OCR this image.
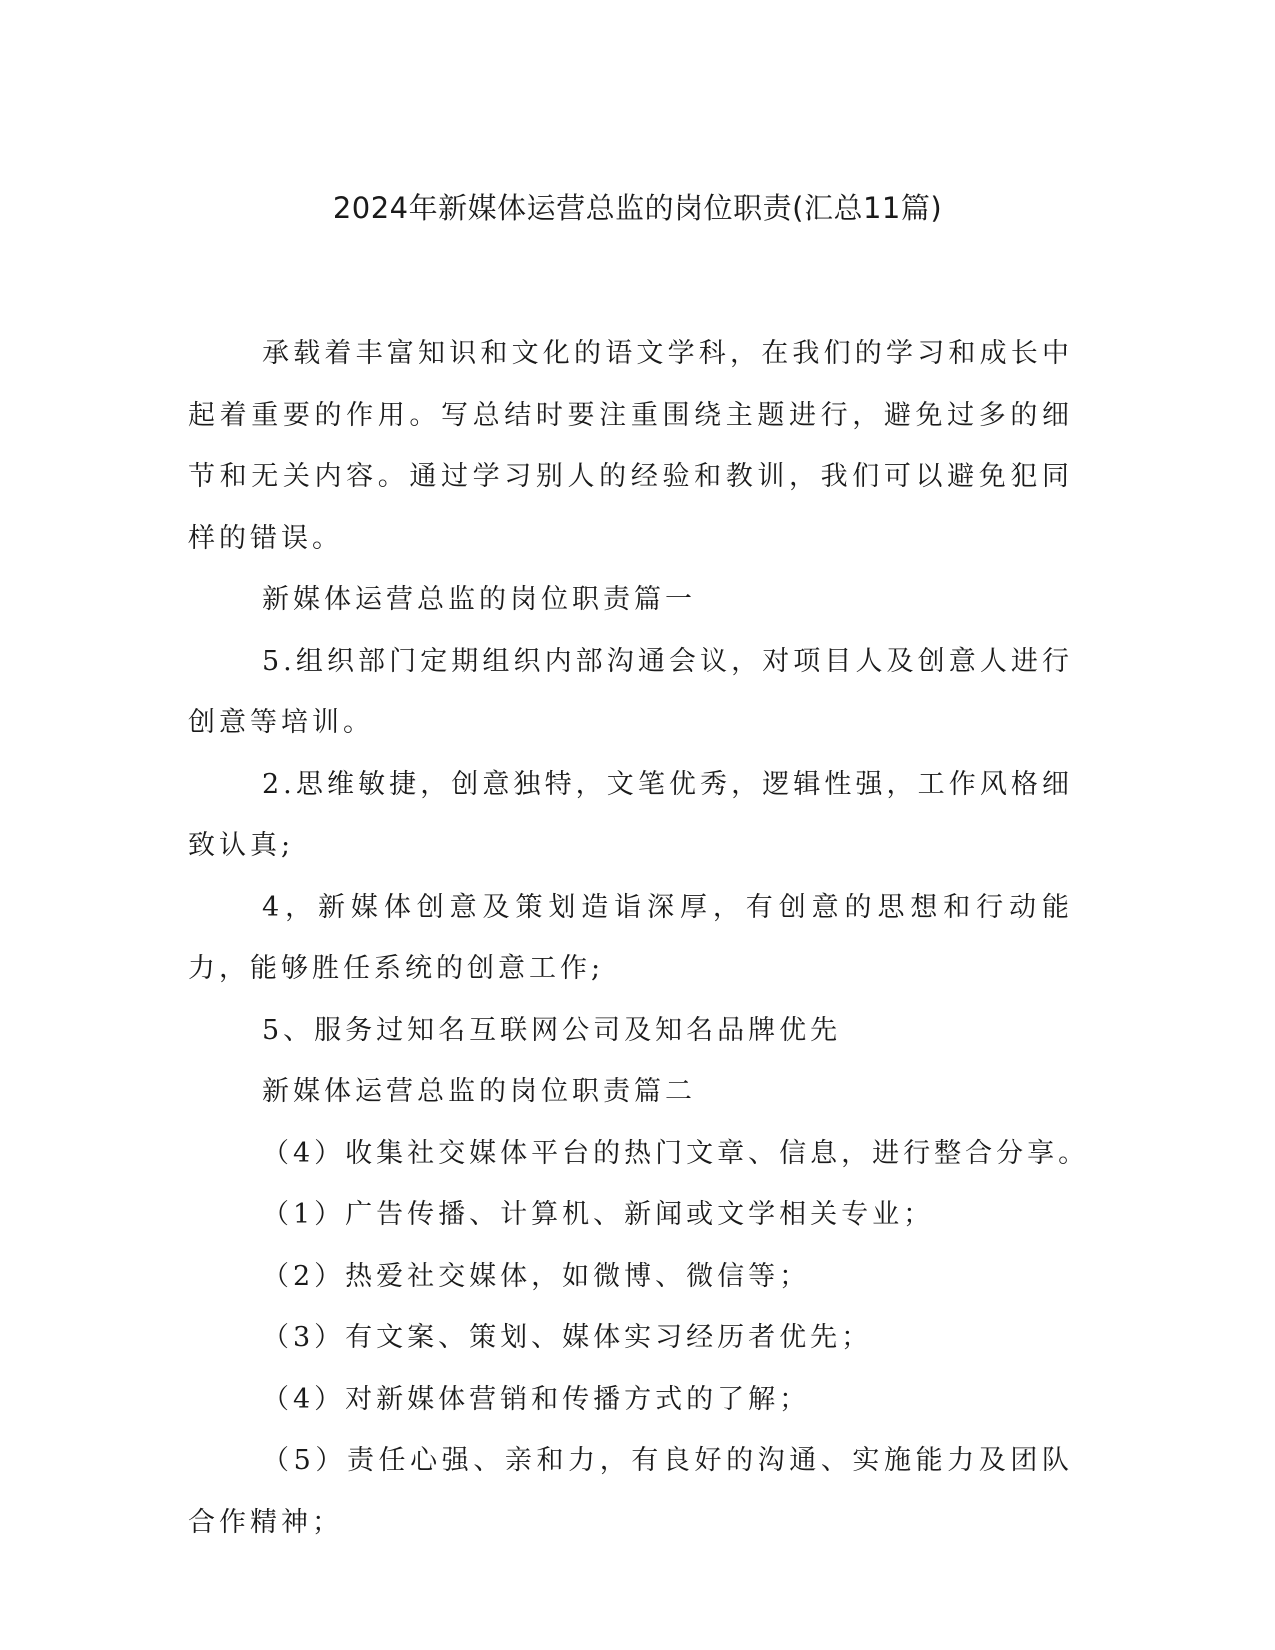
2024年新媒体运营总监的岗位职责(汇总11篇)

承载着丰富知识和文化的语文学科，在我们的学习和成长中起着重要的作用。写总结时要注重围绕主题进行，避免过多的细节和无关内容。通过学习别人的经验和教训，我们可以避免犯同样的错误。

新媒体运营总监的岗位职责篇一

5.组织部门定期组织内部沟通会议，对项目人及创意人进行创意等培训。

2.思维敏捷，创意独特，文笔优秀，逻辑性强，工作风格细致认真;

4，新媒体创意及策划造诣深厚，有创意的思想和行动能力，能够胜任系统的创意工作;

5、服务过知名互联网公司及知名品牌优先

新媒体运营总监的岗位职责篇二

（4）收集社交媒体平台的热门文章、信息，进行整合分享。

（1）广告传播、计算机、新闻或文学相关专业；

（2）热爱社交媒体，如微博、微信等；

（3）有文案、策划、媒体实习经历者优先；

（4）对新媒体营销和传播方式的了解；

（5）责任心强、亲和力，有良好的沟通、实施能力及团队合作精神；
